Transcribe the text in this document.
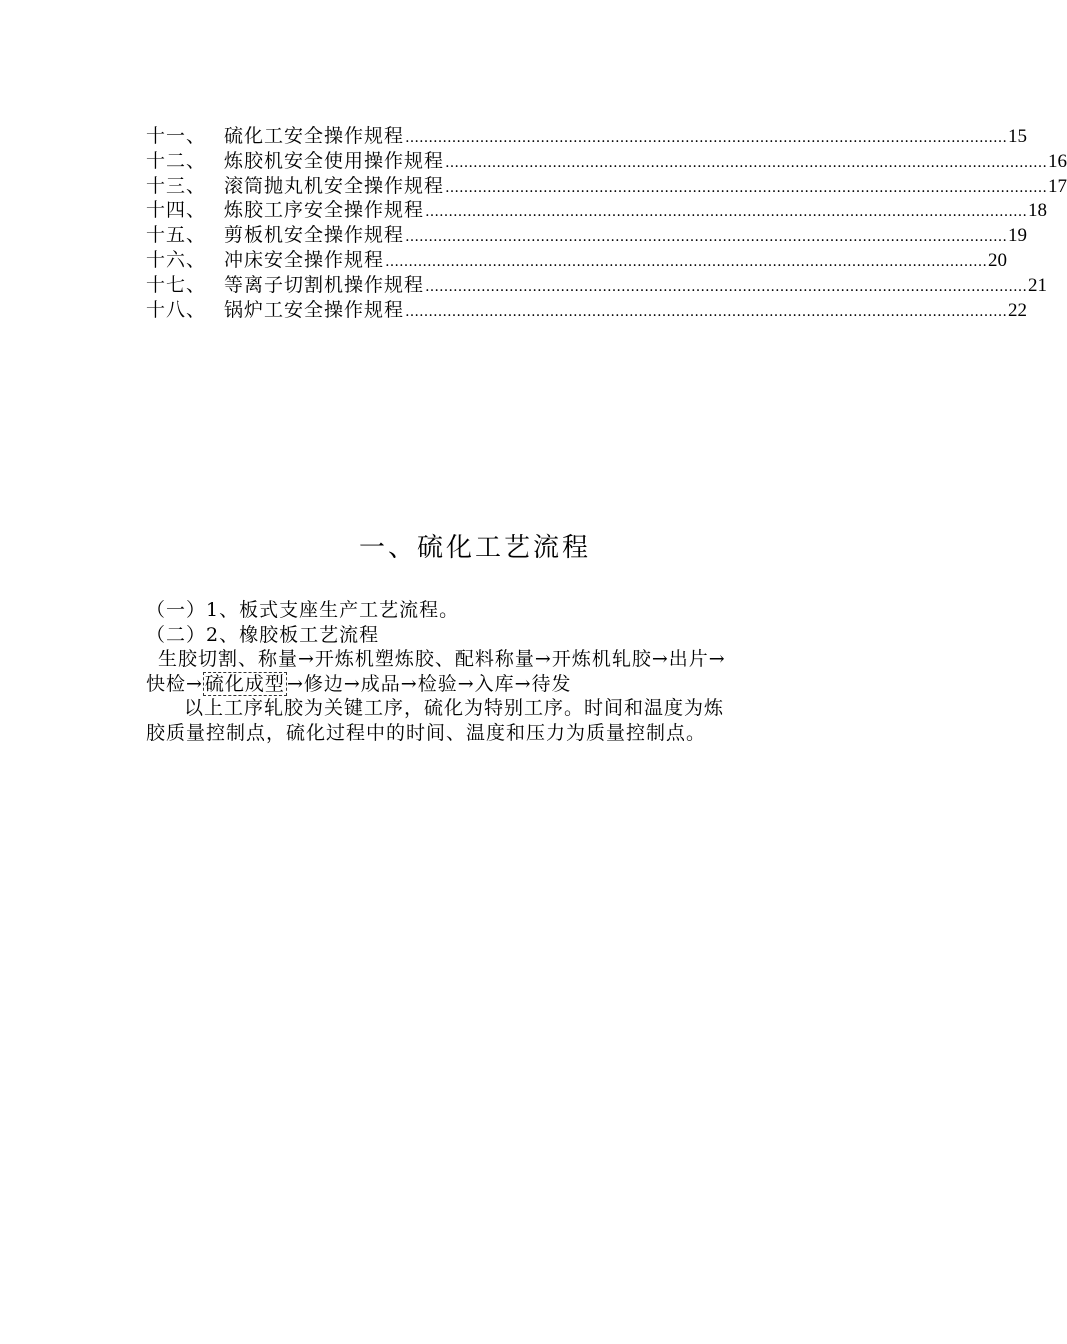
十一、 硫化工安全操作规程 ………………………………………………………………………………………………………………… 15
十二、 炼胶机安全使用操作规程 ………………………………………………………………………………………………………………… 16
十三、 滚筒抛丸机安全操作规程 ………………………………………………………………………………………………………………… 17
十四、 炼胶工序安全操作规程 ………………………………………………………………………………………………………………… 18
十五、 剪板机安全操作规程 ………………………………………………………………………………………………………………… 19
十六、 冲床安全操作规程 ………………………………………………………………………………………………………………… 20
十七、 等离子切割机操作规程 ………………………………………………………………………………………………………………… 21
十八、 锅炉工安全操作规程 ………………………………………………………………………………………………………………… 22
一、硫化工艺流程
（一）1、板式支座生产工艺流程。
（二）2、橡胶板工艺流程
生胶切割、称量→开炼机塑炼胶、配料称量→开炼机轧胶→出片→
快检→ 硫化成型 →修边→成品→检验→入库→待发
以上工序轧胶为关键工序，硫化为特别工序。时间和温度为炼
胶质量控制点，硫化过程中的时间、温度和压力为质量控制点。
